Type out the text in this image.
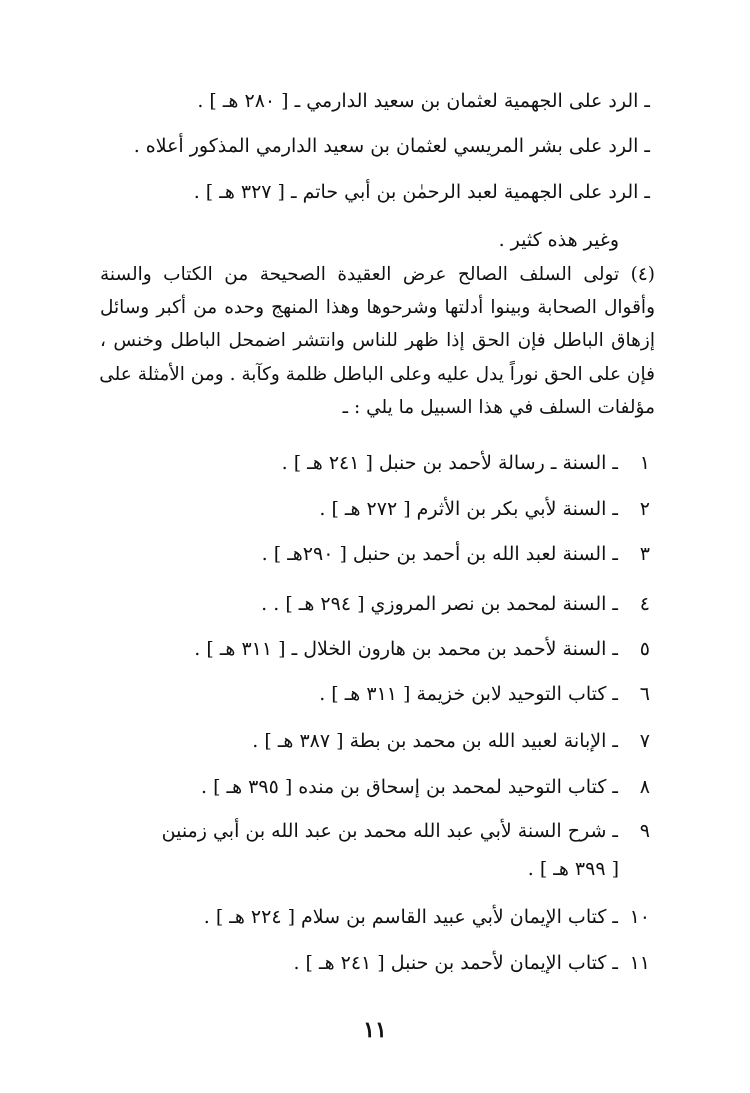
ـ الرد على الجهمية لعثمان بن سعيد الدارمي ـ [ ٢٨٠ هـ ] .
ـ الرد على بشر المريسي لعثمان بن سعيد الدارمي المذكور أعلاه .
ـ الرد على الجهمية لعبد الرحمٰن بن أبي حاتم ـ [ ٣٢٧ هـ ] .
وغير هذه كثير .
(٤) تولى السلف الصالح عرض العقيدة الصحيحة من الكتاب والسنة
وأقوال الصحابة وبينوا أدلتها وشرحوها وهذا المنهج وحده من أكبر وسائل
إزهاق الباطل فإن الحق إذا ظهر للناس وانتشر اضمحل الباطل وخنس ،
فإن على الحق نوراً يدل عليه وعلى الباطل ظلمة وكآبة . ومن الأمثلة على
مؤلفات السلف في هذا السبيل ما يلي : ـ
١ـ السنة ـ رسالة لأحمد بن حنبل [ ٢٤١ هـ ] .
٢ـ السنة لأبي بكر بن الأثرم [ ٢٧٢ هـ ] .
٣ـ السنة لعبد الله بن أحمد بن حنبل [ ٢٩٠هـ ] .
٤ـ السنة لمحمد بن نصر المروزي [ ٢٩٤ هـ ] . .
٥ـ السنة لأحمد بن محمد بن هارون الخلال ـ [ ٣١١ هـ ] .
٦ـ كتاب التوحيد لابن خزيمة [ ٣١١ هـ ] .
٧ـ الإبانة لعبيد الله بن محمد بن بطة [ ٣٨٧ هـ ] .
٨ـ كتاب التوحيد لمحمد بن إسحاق بن منده [ ٣٩٥ هـ ] .
٩ـ شرح السنة لأبي عبد الله محمد بن عبد الله بن أبي زمنين
[ ٣٩٩ هـ ] .
١٠ـ كتاب الإيمان لأبي عبيد القاسم بن سلام [ ٢٢٤ هـ ] .
١١ـ كتاب الإيمان لأحمد بن حنبل [ ٢٤١ هـ ] .
١١
